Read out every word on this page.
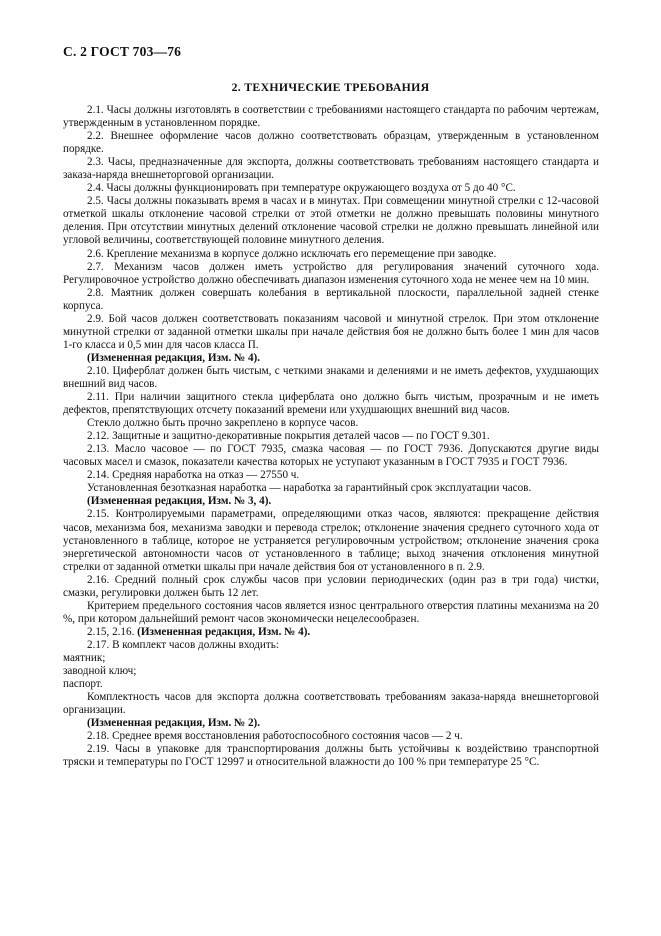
С. 2 ГОСТ 703—76
2. ТЕХНИЧЕСКИЕ ТРЕБОВАНИЯ

2.1. Часы должны изготовлять в соответствии с требованиями настоящего стандарта по рабочим чертежам, утвержденным в установленном порядке.

2.2. Внешнее оформление часов должно соответствовать образцам, утвержденным в установленном порядке.

2.3. Часы, предназначенные для экспорта, должны соответствовать требованиям настоящего стандарта и заказа-наряда внешнеторговой организации.

2.4. Часы должны функционировать при температуре окружающего воздуха от 5 до 40 °С.

2.5. Часы должны показывать время в часах и в минутах. При совмещении минутной стрелки с 12-часовой отметкой шкалы отклонение часовой стрелки от этой отметки не должно превышать половины минутного деления. При отсутствии минутных делений отклонение часовой стрелки не должно превышать линейной или угловой величины, соответствующей половине минутного деления.

2.6. Крепление механизма в корпусе должно исключать его перемещение при заводке.

2.7. Механизм часов должен иметь устройство для регулирования значений суточного хода. Регулировочное устройство должно обеспечивать диапазон изменения суточного хода не менее чем на 10 мин.

2.8. Маятник должен совершать колебания в вертикальной плоскости, параллельной задней стенке корпуса.

2.9. Бой часов должен соответствовать показаниям часовой и минутной стрелок. При этом отклонение минутной стрелки от заданной отметки шкалы при начале действия боя не должно быть более 1 мин для часов 1-го класса и 0,5 мин для часов класса П.

(Измененная редакция, Изм. № 4).

2.10. Циферблат должен быть чистым, с четкими знаками и делениями и не иметь дефектов, ухудшающих внешний вид часов.

2.11. При наличии защитного стекла циферблата оно должно быть чистым, прозрачным и не иметь дефектов, препятствующих отсчету показаний времени или ухудшающих внешний вид часов.

Стекло должно быть прочно закреплено в корпусе часов.

2.12. Защитные и защитно-декоративные покрытия деталей часов — по ГОСТ 9.301.

2.13. Масло часовое — по ГОСТ 7935, смазка часовая — по ГОСТ 7936. Допускаются другие виды часовых масел и смазок, показатели качества которых не уступают указанным в ГОСТ 7935 и ГОСТ 7936.

2.14. Средняя наработка на отказ — 27550 ч.

Установленная безотказная наработка — наработка за гарантийный срок эксплуатации часов.

(Измененная редакция, Изм. № 3, 4).

2.15. Контролируемыми параметрами, определяющими отказ часов, являются: прекращение действия часов, механизма боя, механизма заводки и перевода стрелок; отклонение значения среднего суточного хода от установленного в таблице, которое не устраняется регулировочным устройством; отклонение значения срока энергетической автономности часов от установленного в таблице; выход значения отклонения минутной стрелки от заданной отметки шкалы при начале действия боя от установленного в п. 2.9.

2.16. Средний полный срок службы часов при условии периодических (один раз в три года) чистки, смазки, регулировки должен быть 12 лет.

Критерием предельного состояния часов является износ центрального отверстия платины механизма на 20 %, при котором дальнейший ремонт часов экономически нецелесообразен.

2.15, 2.16. (Измененная редакция, Изм. № 4).

2.17. В комплект часов должны входить:

маятник;

заводной ключ;

паспорт.

Комплектность часов для экспорта должна соответствовать требованиям заказа-наряда внешнеторговой организации.

(Измененная редакция, Изм. № 2).

2.18. Среднее время восстановления работоспособного состояния часов — 2 ч.

2.19. Часы в упаковке для транспортирования должны быть устойчивы к воздействию транспортной тряски и температуры по ГОСТ 12997 и относительной влажности до 100 % при температуре 25 °С.
